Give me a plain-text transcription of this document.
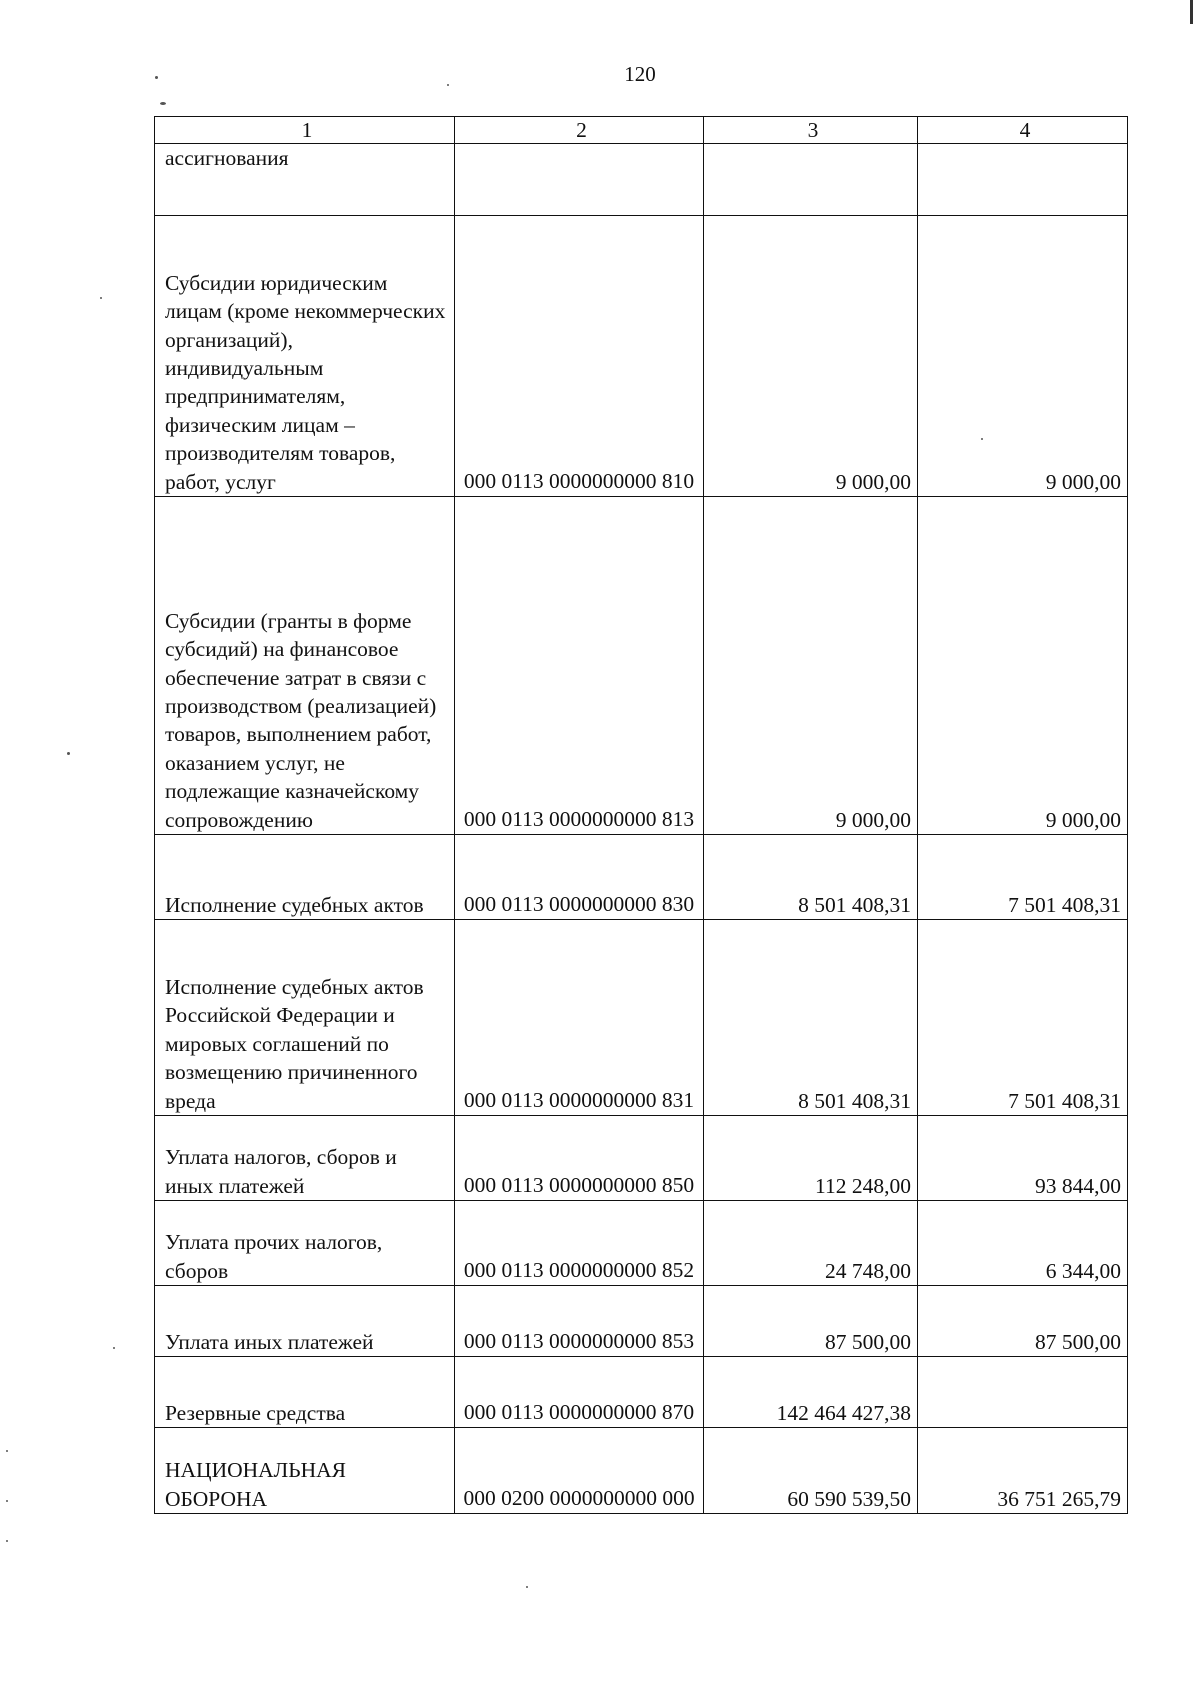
120
1	2	3	4
ассигнования			
Субсидии юридическим лицам (кроме некоммерческих организаций), индивидуальным предпринимателям, физическим лицам – производителям товаров, работ, услуг	000 0113 0000000000 810	9 000,00	9 000,00
Субсидии (гранты в форме субсидий) на финансовое обеспечение затрат в связи с производством (реализацией) товаров, выполнением работ, оказанием услуг, не подлежащие казначейскому сопровождению	000 0113 0000000000 813	9 000,00	9 000,00
Исполнение судебных актов	000 0113 0000000000 830	8 501 408,31	7 501 408,31
Исполнение судебных актов Российской Федерации и мировых соглашений по возмещению причиненного вреда	000 0113 0000000000 831	8 501 408,31	7 501 408,31
Уплата налогов, сборов и иных платежей	000 0113 0000000000 850	112 248,00	93 844,00
Уплата прочих налогов, сборов	000 0113 0000000000 852	24 748,00	6 344,00
Уплата иных платежей	000 0113 0000000000 853	87 500,00	87 500,00
Резервные средства	000 0113 0000000000 870	142 464 427,38	
НАЦИОНАЛЬНАЯ ОБОРОНА	000 0200 0000000000 000	60 590 539,50	36 751 265,79
